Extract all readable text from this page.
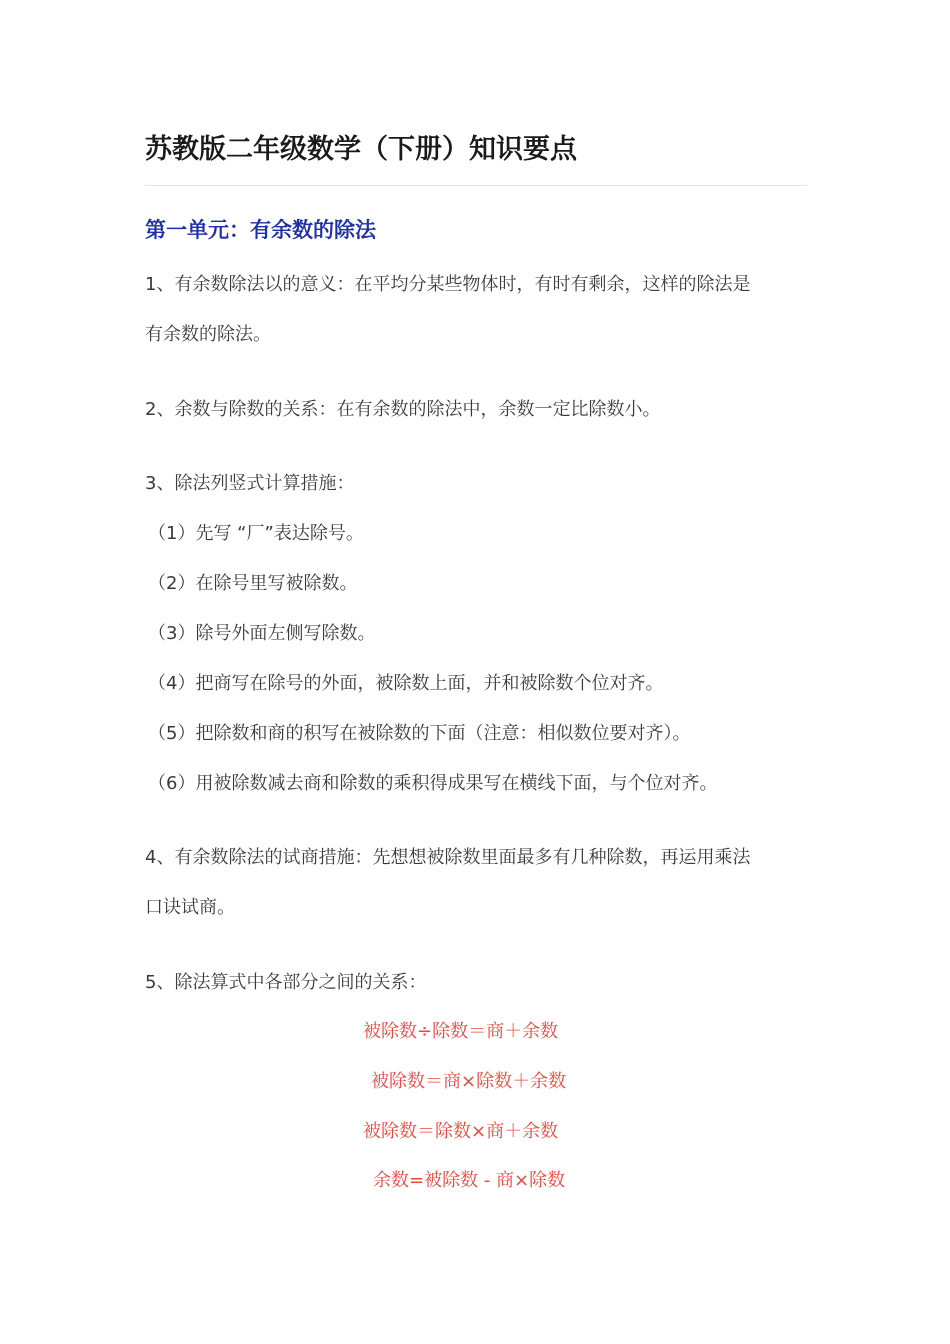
苏教版二年级数学（下册）知识要点
第一单元：有余数的除法
1、有余数除法以的意义：在平均分某些物体时，有时有剩余，这样的除法是
有余数的除法。
2、余数与除数的关系：在有余数的除法中，余数一定比除数小。
3、除法列竖式计算措施：
（1）先写 “厂”表达除号。
（2）在除号里写被除数。
（3）除号外面左侧写除数。
（4）把商写在除号的外面，被除数上面，并和被除数个位对齐。
（5）把除数和商的积写在被除数的下面（注意：相似数位要对齐）。
（6）用被除数减去商和除数的乘积得成果写在横线下面，与个位对齐。
4、有余数除法的试商措施：先想想被除数里面最多有几种除数，再运用乘法
口诀试商。
5、除法算式中各部分之间的关系：
被除数÷除数＝商＋余数
被除数＝商×除数＋余数
被除数＝除数×商＋余数
余数=被除数 - 商×除数
